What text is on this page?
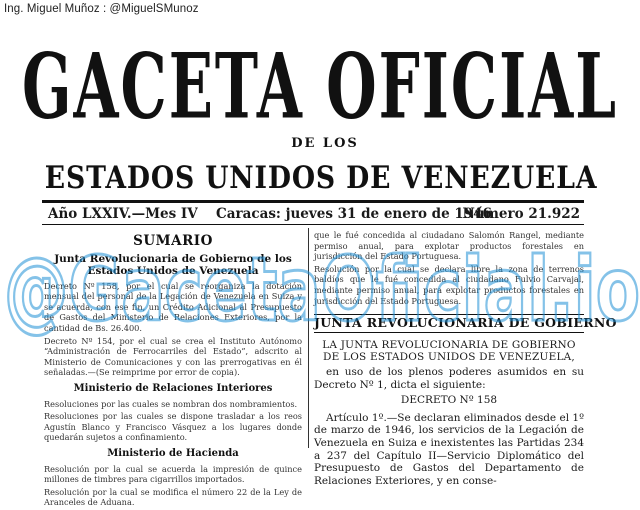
Ing. Miguel Muñoz : @MiguelSMunoz
GACETA OFICIAL
DE LOS
ESTADOS UNIDOS DE VENEZUELA
Año LXXIV.—Mes IV Caracas: jueves 31 de enero de 1946
Número 21.922
SUMARIO
Junta Revolucionaria de Gobierno de los Estados Unidos de Venezuela
Decreto Nº 158, por el cual se reorganiza la dotación mensual del personal de la Legación de Venezuela en Suiza y se acuerda, con ese fin, un Crédito Adicional al Presupuesto de Gastos del Ministerio de Relaciones Exteriores, por la cantidad de Bs. 26.400.
Decreto Nº 154, por el cual se crea el Instituto Autónomo “Administración de Ferrocarriles del Estado”, adscrito al Ministerio de Comunicaciones y con las prerrogativas en él señaladas.—(Se reimprime por error de copia).
Ministerio de Relaciones Interiores
Resoluciones por las cuales se nombran dos nombramientos.
Resoluciones por las cuales se dispone trasladar a los reos Agustín Blanco y Francisco Vásquez a los lugares donde quedarán sujetos a confinamiento.
Ministerio de Hacienda
Resolución por la cual se acuerda la impresión de quince millones de timbres para cigarrillos importados.
Resolución por la cual se modifica el número 22 de la Ley de Aranceles de Aduana.
que le fué concedida al ciudadano Salomón Rangel, mediante permiso anual, para explotar productos forestales en jurisdicción del Estado Portuguesa.
Resolución por la cual se declara libre la zona de terrenos baldíos que le fué concedida al ciudadano Fulvio Carvajal, mediante permiso anual, para explotar productos forestales en jurisdicción del Estado Portuguesa.
JUNTA REVOLUCIONARIA DE GOBIERNO
LA JUNTA REVOLUCIONARIA DE GOBIERNO
DE LOS ESTADOS UNIDOS DE VENEZUELA,
en uso de los plenos poderes asumidos en su Decreto Nº 1, dicta el siguiente:
DECRETO Nº 158
Artículo 1º.—Se declaran eliminados desde el 1º de marzo de 1946, los servicios de la Legación de Venezuela en Suiza e inexistentes las Partidas 234 a 237 del Capítulo II—Servicio Diplomático del Presupuesto de Gastos del Departamento de Relaciones Exteriores, y en conse-
@GacetaOficial.io
